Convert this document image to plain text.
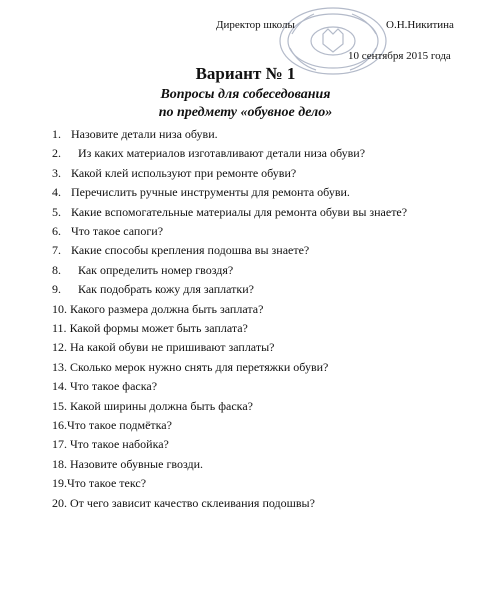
Директор школы	О.Н.Никитина
10 сентября 2015 года
Вариант № 1
Вопросы для собеседования
по предмету «обувное дело»
1. Назовите детали низа обуви.
2. Из каких материалов изготавливают детали низа обуви?
3. Какой клей используют при ремонте обуви?
4. Перечислить ручные инструменты для ремонта обуви.
5. Какие вспомогательные материалы для ремонта обуви вы знаете?
6. Что такое сапоги?
7. Какие способы крепления подошва вы знаете?
8. Как определить номер гвоздя?
9. Как подобрать кожу для заплатки?
10. Какого размера должна быть заплата?
11. Какой формы может быть заплата?
12. На какой обуви не пришивают заплаты?
13. Сколько мерок нужно снять для перетяжки обуви?
14. Что такое фаска?
15. Какой ширины должна быть фаска?
16.Что такое подмётка?
17. Что такое набойка?
18. Назовите обувные гвозди.
19.Что такое текс?
20. От чего зависит качество склеивания подошвы?
